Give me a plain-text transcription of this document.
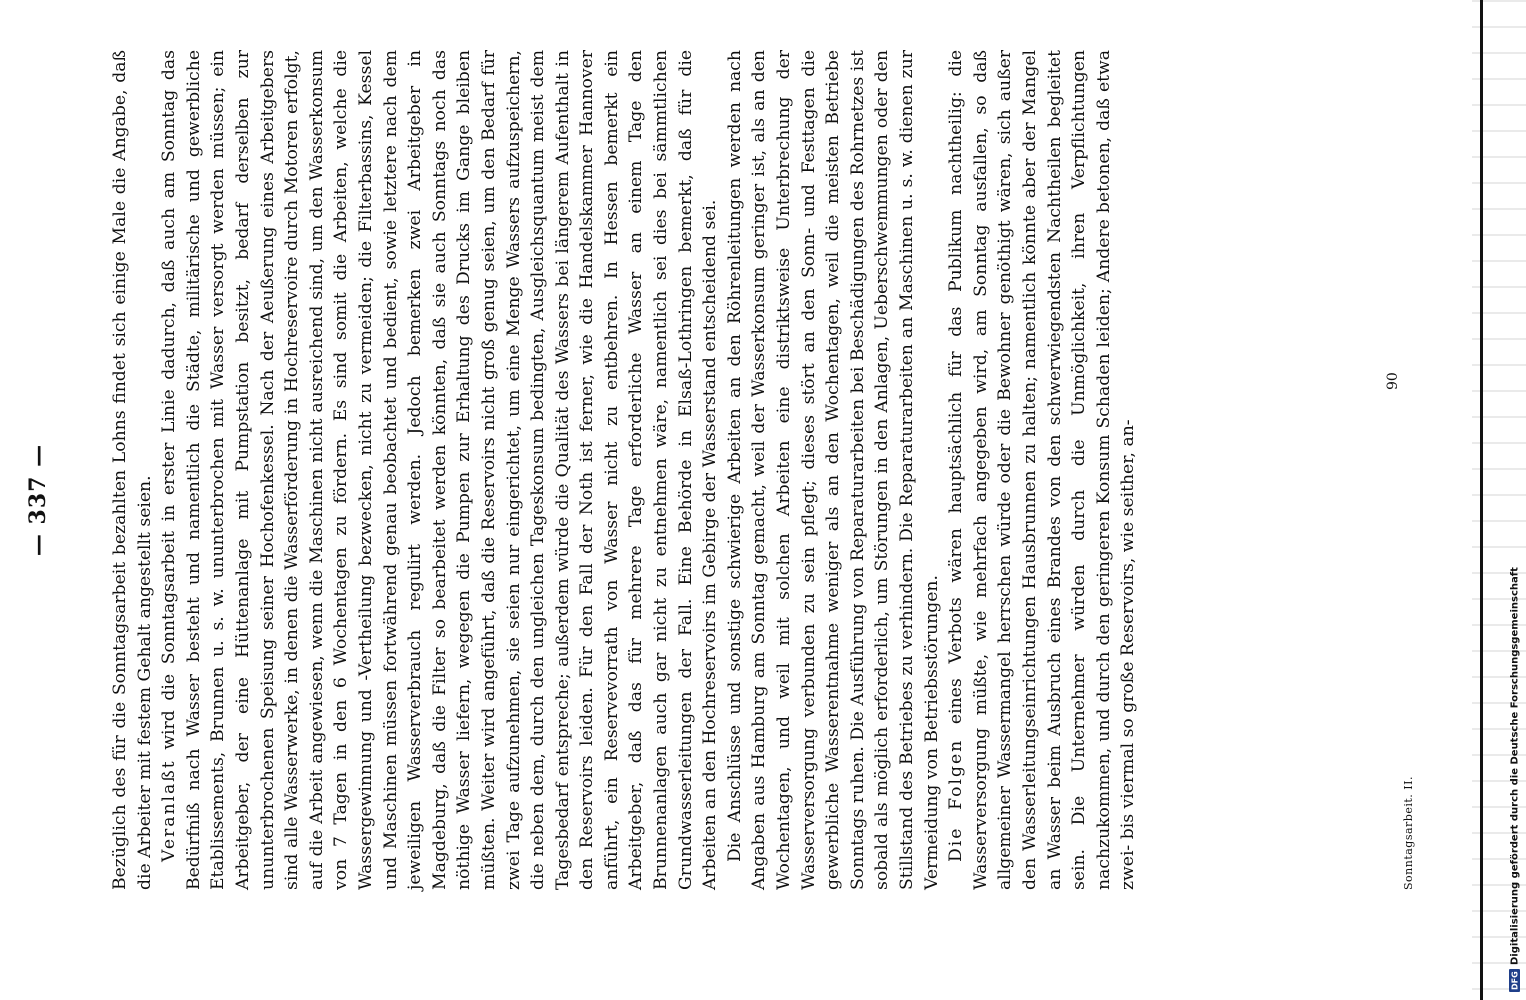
— 337 —	Bezüglich des für die Sonntagsarbeit bezahlten Lohns findet sich einige Male die Angabe, daß die Arbeiter mit festem Gehalt angestellt seien. Veranlaßt wird die Sonntagsarbeit in erster Linie dadurch, daß auch am Sonntag das Bedürfniß nach Wasser besteht und namentlich die Städte, militärische und gewerbliche Etablissements, Brunnen u. s. w. ununterbrochen mit Wasser versorgt werden müssen; ein Arbeitgeber, der eine Hüttenanlage mit Pumpstation besitzt, bedarf derselben zur ununterbrochenen Speisung seiner Hochofenkessel. Nach der Aeußerung eines Arbeitgebers sind alle Wasserwerke, in denen die Wasserförderung in Hochreservoire durch Motoren erfolgt, auf die Arbeit angewiesen, wenn die Maschinen nicht ausreichend sind, um den Wasserkonsum von 7 Tagen in den 6 Wochentagen zu fördern. Es sind somit die Arbeiten, welche die Wassergewinnung und -Vertheilung bezwecken, nicht zu vermeiden; die Filterbassins, Kessel und Maschinen müssen fortwährend genau beobachtet und bedient, sowie letztere nach dem jeweiligen Wasserverbrauch regulirt werden. Jedoch bemerken zwei Arbeitgeber in Magdeburg, daß die Filter so bearbeitet werden könnten, daß sie auch Sonntags noch das nöthige Wasser liefern, wegegen die Pumpen zur Erhaltung des Drucks im Gange bleiben müßten. Weiter wird angeführt, daß die Reservoirs nicht groß genug seien, um den Bedarf für zwei Tage aufzunehmen, sie seien nur eingerichtet, um eine Menge Wassers aufzuspeichern, die neben dem, durch den ungleichen Tageskonsum bedingten, Ausgleichsquantum meist dem Tagesbedarf entspreche; außerdem würde die Qualität des Wassers bei längerem Aufenthalt in den Reservoirs leiden. Für den Fall der Noth ist ferner, wie die Handelskammer Hannover anführt, ein Reservevorrath von Wasser nicht zu entbehren. In Hessen bemerkt ein Arbeitgeber, daß das für mehrere Tage erforderliche Wasser an einem Tage den Brunnenanlagen auch gar nicht zu entnehmen wäre, namentlich sei dies bei sämmtlichen Grundwasserleitungen der Fall. Eine Behörde in Elsaß-Lothringen bemerkt, daß für die Arbeiten an den Hochreservoirs im Gebirge der Wasserstand entscheidend sei. Die Anschlüsse und sonstige schwierige Arbeiten an den Röhrenleitungen werden nach Angaben aus Hamburg am Sonntag gemacht, weil der Wasserkonsum geringer ist, als an den Wochentagen, und weil mit solchen Arbeiten eine distriktsweise Unterbrechung der Wasserversorgung verbunden zu sein pflegt; dieses stört an den Sonn- und Festtagen die gewerbliche Wasserentnahme weniger als an den Wochentagen, weil die meisten Betriebe Sonntags ruhen. Die Ausführung von Reparaturarbeiten bei Beschädigungen des Rohrnetzes ist sobald als möglich erforderlich, um Störungen in den Anlagen, Ueberschwemmungen oder den Stillstand des Betriebes zu verhindern. Die Reparaturarbeiten an Maschinen u. s. w. dienen zur Vermeidung von Betriebsstörungen. Die Folgen eines Verbots wären hauptsächlich für das Publikum nachtheilig: die Wasserversorgung müßte, wie mehrfach angegeben wird, am Sonntag ausfallen, so daß allgemeiner Wassermangel herrschen würde oder die Bewohner genöthigt wären, sich außer den Wasserleitungseinrichtungen Hausbrunnen zu halten; namentlich könnte aber der Mangel an Wasser beim Ausbruch eines Brandes von den schwerwiegendsten Nachtheilen begleitet sein. Die Unternehmer würden durch die Unmöglichkeit, ihren Verpflichtungen nachzukommen, und durch den geringeren Konsum Schaden leiden; Andere betonen, daß etwa zwei- bis viermal so große Reservoirs, wie seither, an-

90
Sonntagsarbeit. II.
DFG
Digitalisierung gefördert durch die Deutsche Forschungsgemeinschaft
